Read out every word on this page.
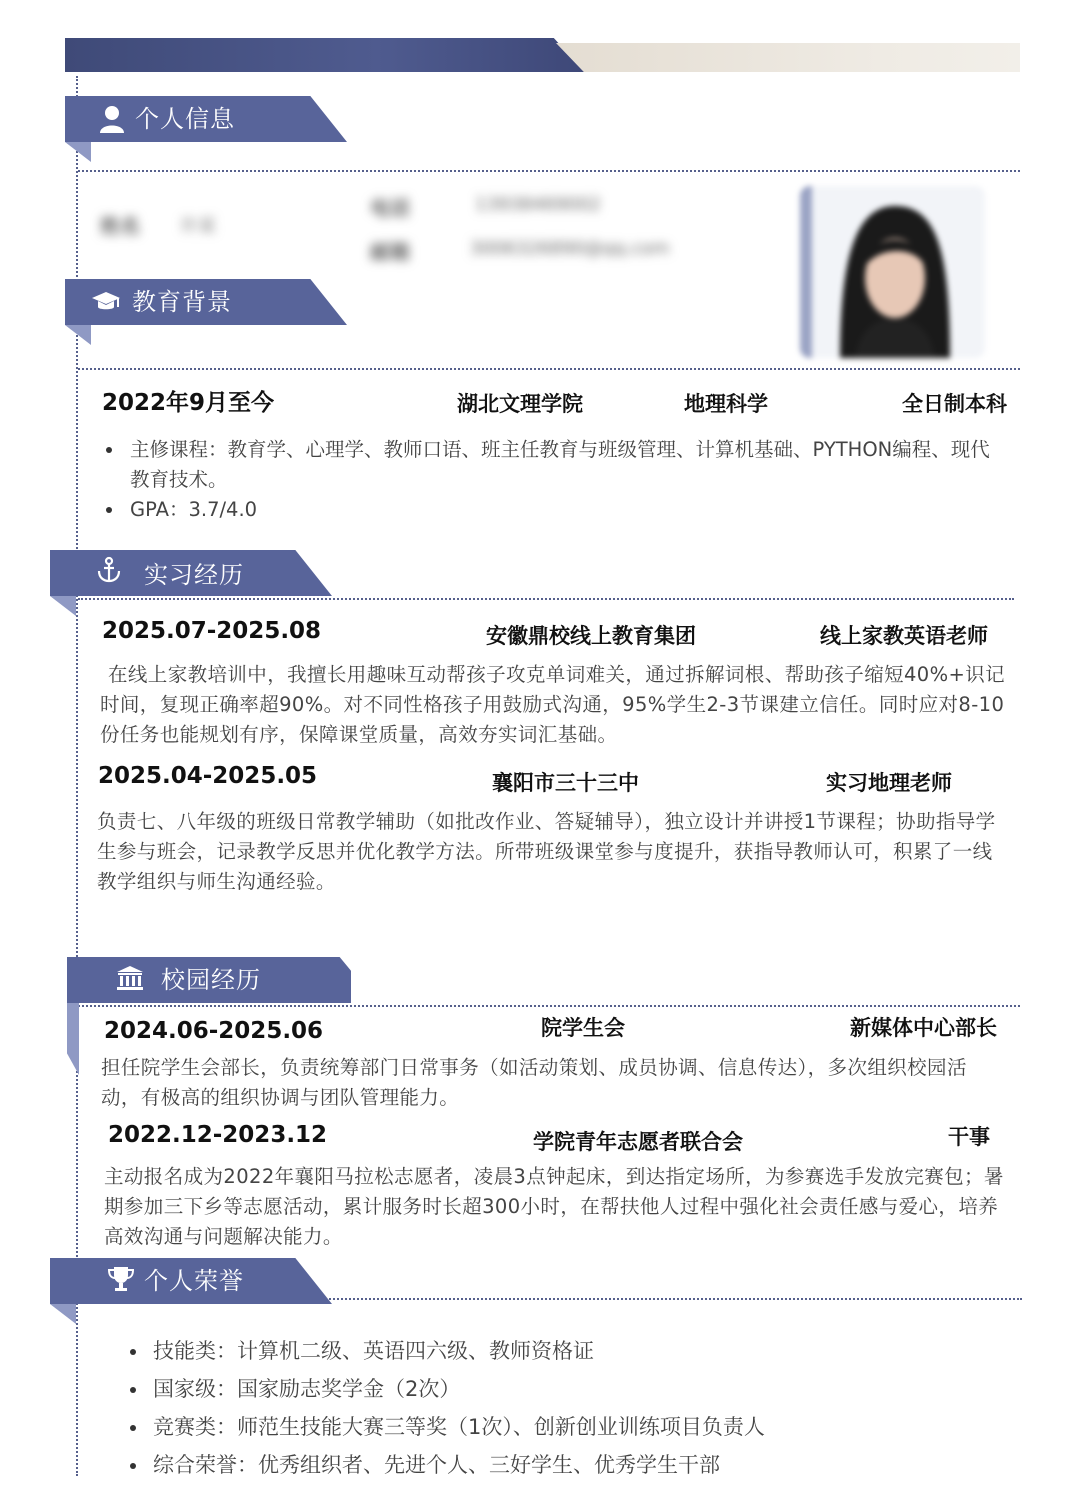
个人信息
姓名 许某
电话	13938469002
邮箱	3006326890@qq.com
教育背景
2022年9月至今	湖北文理学院	地理科学	全日制本科
主修课程：教育学、心理学、教师口语、班主任教育与班级管理、计算机基础、PYTHON编程、现代教育技术。
GPA：3.7/4.0
实习经历
2025.07-2025.08	安徽鼎校线上教育集团	线上家教英语老师
在线上家教培训中，我擅长用趣味互动帮孩子攻克单词难关，通过拆解词根、帮助孩子缩短40%+识记时间，复现正确率超90%。对不同性格孩子用鼓励式沟通，95%学生2-3节课建立信任。同时应对8-10份任务也能规划有序，保障课堂质量，高效夯实词汇基础。
2025.04-2025.05	襄阳市三十三中	实习地理老师
负责七、八年级的班级日常教学辅助（如批改作业、答疑辅导），独立设计并讲授1节课程；协助指导学生参与班会，记录教学反思并优化教学方法。所带班级课堂参与度提升，获指导教师认可，积累了一线教学组织与师生沟通经验。
校园经历
2024.06-2025.06	院学生会	新媒体中心部长
担任院学生会部长，负责统筹部门日常事务（如活动策划、成员协调、信息传达），多次组织校园活动，有极高的组织协调与团队管理能力。
2022.12-2023.12	学院青年志愿者联合会	干事
主动报名成为2022年襄阳马拉松志愿者，凌晨3点钟起床，到达指定场所，为参赛选手发放完赛包；暑期参加三下乡等志愿活动，累计服务时长超300小时，在帮扶他人过程中强化社会责任感与爱心，培养高效沟通与问题解决能力。
个人荣誉
技能类：计算机二级、英语四六级、教师资格证
国家级：国家励志奖学金（2次）
竞赛类：师范生技能大赛三等奖（1次）、创新创业训练项目负责人
综合荣誉：优秀组织者、先进个人、三好学生、优秀学生干部
